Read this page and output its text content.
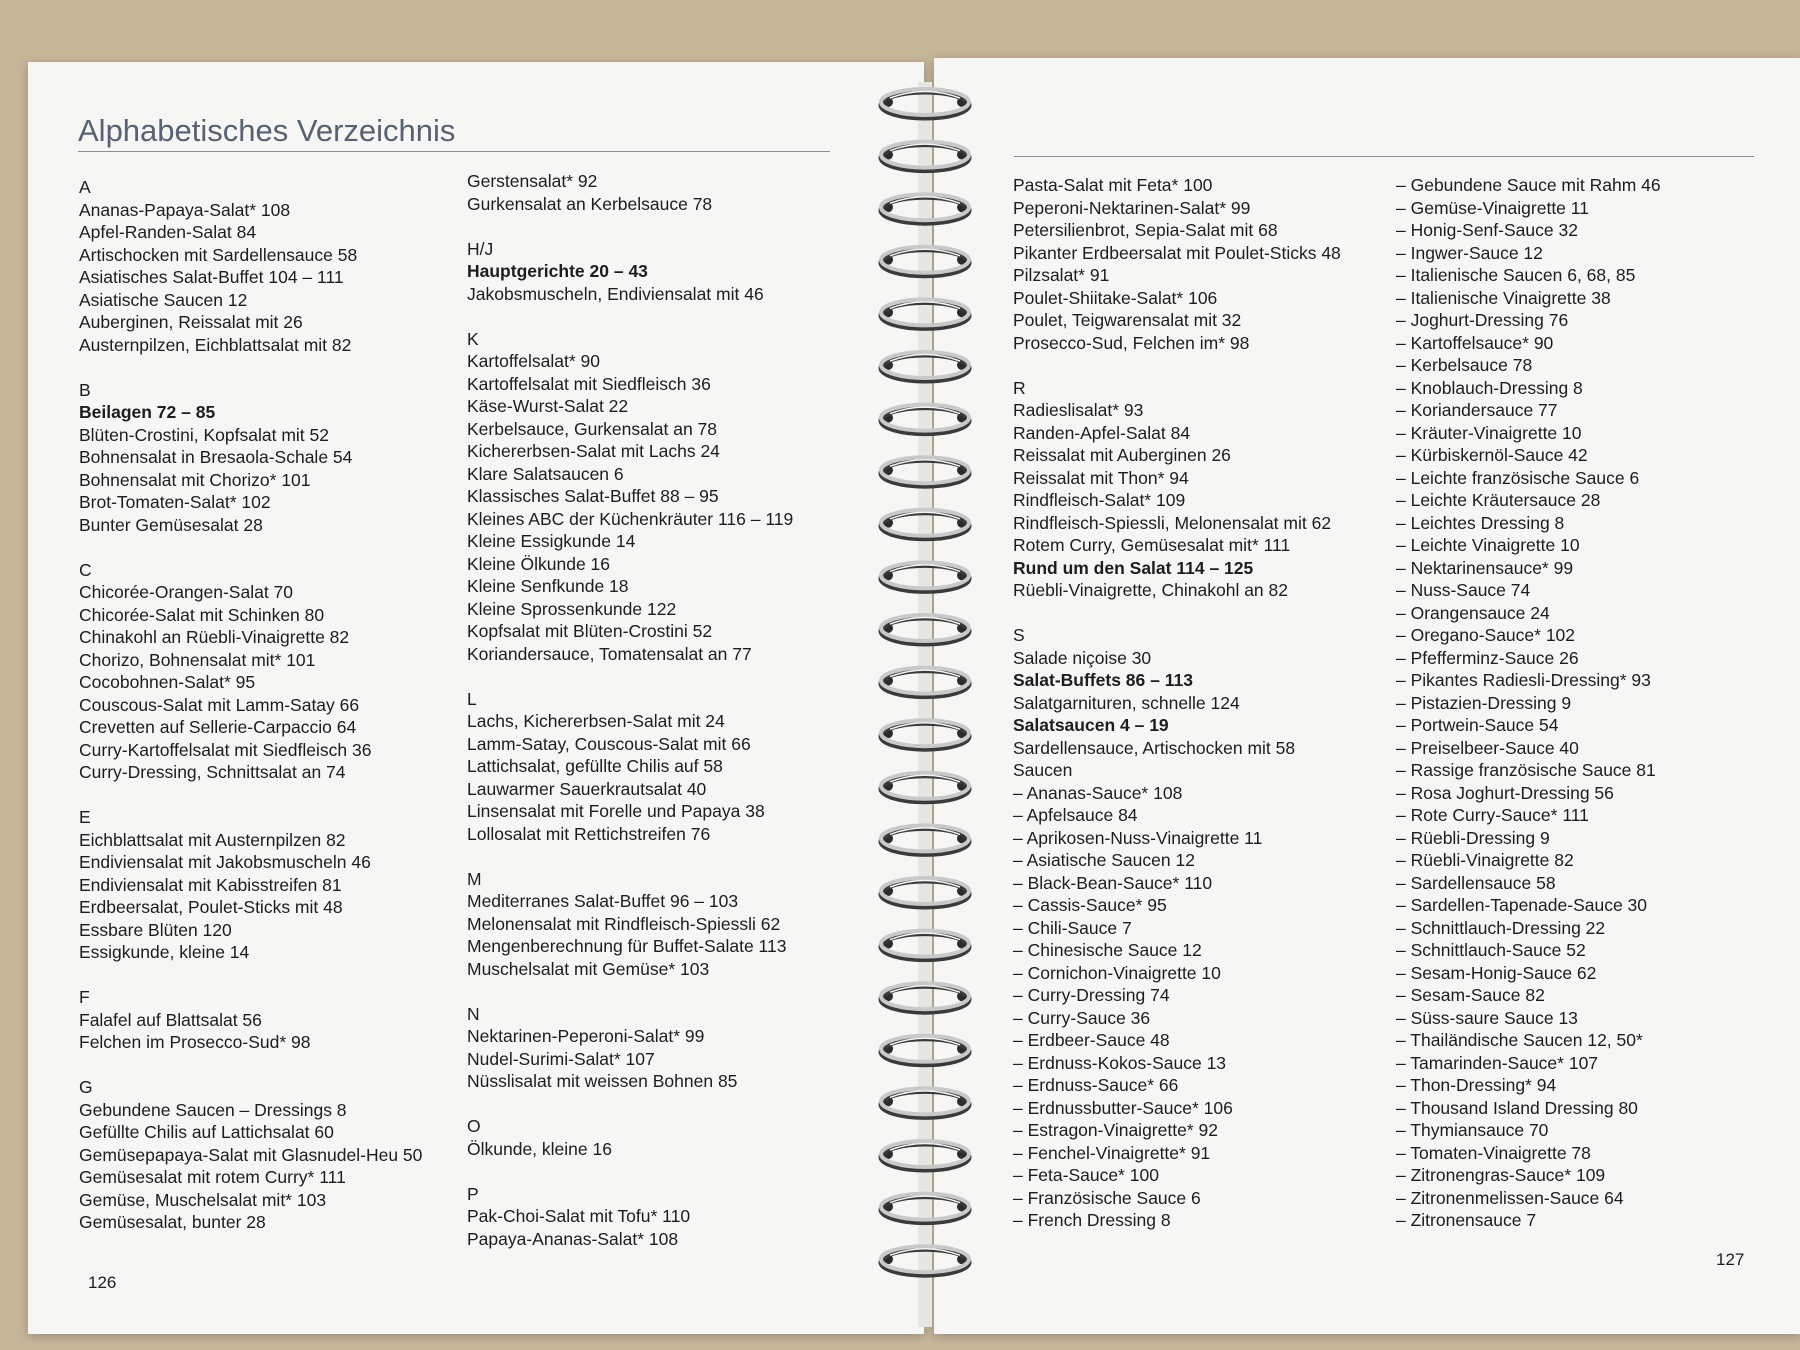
Alphabetisches Verzeichnis
A
Ananas-Papaya-Salat* 108
Apfel-Randen-Salat 84
Artischocken mit Sardellensauce 58
Asiatisches Salat-Buffet 104 – 111
Asiatische Saucen 12
Auberginen, Reissalat mit 26
Austernpilzen, Eichblattsalat mit 82
B
Beilagen 72 – 85
Blüten-Crostini, Kopfsalat mit 52
Bohnensalat in Bresaola-Schale 54
Bohnensalat mit Chorizo* 101
Brot-Tomaten-Salat* 102
Bunter Gemüsesalat 28
C
Chicorée-Orangen-Salat 70
Chicorée-Salat mit Schinken 80
Chinakohl an Rüebli-Vinaigrette 82
Chorizo, Bohnensalat mit* 101
Cocobohnen-Salat* 95
Couscous-Salat mit Lamm-Satay 66
Crevetten auf Sellerie-Carpaccio 64
Curry-Kartoffelsalat mit Siedfleisch 36
Curry-Dressing, Schnittsalat an 74
E
Eichblattsalat mit Austernpilzen 82
Endiviensalat mit Jakobsmuscheln 46
Endiviensalat mit Kabisstreifen 81
Erdbeersalat, Poulet-Sticks mit 48
Essbare Blüten 120
Essigkunde, kleine 14
F
Falafel auf Blattsalat 56
Felchen im Prosecco-Sud* 98
G
Gebundene Saucen – Dressings 8
Gefüllte Chilis auf Lattichsalat 60
Gemüsepapaya-Salat mit Glasnudel-Heu 50
Gemüsesalat mit rotem Curry* 111
Gemüse, Muschelsalat mit* 103
Gemüsesalat, bunter 28
Gerstensalat* 92
Gurkensalat an Kerbelsauce 78
H/J
Hauptgerichte 20 – 43
Jakobsmuscheln, Endiviensalat mit 46
K
Kartoffelsalat* 90
Kartoffelsalat mit Siedfleisch 36
Käse-Wurst-Salat 22
Kerbelsauce, Gurkensalat an 78
Kichererbsen-Salat mit Lachs 24
Klare Salatsaucen 6
Klassisches Salat-Buffet 88 – 95
Kleines ABC der Küchenkräuter 116 – 119
Kleine Essigkunde 14
Kleine Ölkunde 16
Kleine Senfkunde 18
Kleine Sprossenkunde 122
Kopfsalat mit Blüten-Crostini 52
Koriandersauce, Tomatensalat an 77
L
Lachs, Kichererbsen-Salat mit 24
Lamm-Satay, Couscous-Salat mit 66
Lattichsalat, gefüllte Chilis auf 58
Lauwarmer Sauerkrautsalat 40
Linsensalat mit Forelle und Papaya 38
Lollosalat mit Rettichstreifen 76
M
Mediterranes Salat-Buffet 96 – 103
Melonensalat mit Rindfleisch-Spiessli 62
Mengenberechnung für Buffet-Salate 113
Muschelsalat mit Gemüse* 103
N
Nektarinen-Peperoni-Salat* 99
Nudel-Surimi-Salat* 107
Nüsslisalat mit weissen Bohnen 85
O
Ölkunde, kleine 16
P
Pak-Choi-Salat mit Tofu* 110
Papaya-Ananas-Salat* 108
Pasta-Salat mit Feta* 100
Peperoni-Nektarinen-Salat* 99
Petersilienbrot, Sepia-Salat mit 68
Pikanter Erdbeersalat mit Poulet-Sticks 48
Pilzsalat* 91
Poulet-Shiitake-Salat* 106
Poulet, Teigwarensalat mit 32
Prosecco-Sud, Felchen im* 98
R
Radieslisalat* 93
Randen-Apfel-Salat 84
Reissalat mit Auberginen 26
Reissalat mit Thon* 94
Rindfleisch-Salat* 109
Rindfleisch-Spiessli, Melonensalat mit 62
Rotem Curry, Gemüsesalat mit* 111
Rund um den Salat 114 – 125
Rüebli-Vinaigrette, Chinakohl an 82
S
Salade niçoise 30
Salat-Buffets 86 – 113
Salatgarnituren, schnelle 124
Salatsaucen 4 – 19
Sardellensauce, Artischocken mit 58
Saucen
– Ananas-Sauce* 108
– Apfelsauce 84
– Aprikosen-Nuss-Vinaigrette 11
– Asiatische Saucen 12
– Black-Bean-Sauce* 110
– Cassis-Sauce* 95
– Chili-Sauce 7
– Chinesische Sauce 12
– Cornichon-Vinaigrette 10
– Curry-Dressing 74
– Curry-Sauce 36
– Erdbeer-Sauce 48
– Erdnuss-Kokos-Sauce 13
– Erdnuss-Sauce* 66
– Erdnussbutter-Sauce* 106
– Estragon-Vinaigrette* 92
– Fenchel-Vinaigrette* 91
– Feta-Sauce* 100
– Französische Sauce 6
– French Dressing 8
– Gebundene Sauce mit Rahm 46
– Gemüse-Vinaigrette 11
– Honig-Senf-Sauce 32
– Ingwer-Sauce 12
– Italienische Saucen 6, 68, 85
– Italienische Vinaigrette 38
– Joghurt-Dressing 76
– Kartoffelsauce* 90
– Kerbelsauce 78
– Knoblauch-Dressing 8
– Koriandersauce 77
– Kräuter-Vinaigrette 10
– Kürbiskernöl-Sauce 42
– Leichte französische Sauce 6
– Leichte Kräutersauce 28
– Leichtes Dressing 8
– Leichte Vinaigrette 10
– Nektarinensauce* 99
– Nuss-Sauce 74
– Orangensauce 24
– Oregano-Sauce* 102
– Pfefferminz-Sauce 26
– Pikantes Radiesli-Dressing* 93
– Pistazien-Dressing 9
– Portwein-Sauce 54
– Preiselbeer-Sauce 40
– Rassige französische Sauce 81
– Rosa Joghurt-Dressing 56
– Rote Curry-Sauce* 111
– Rüebli-Dressing 9
– Rüebli-Vinaigrette 82
– Sardellensauce 58
– Sardellen-Tapenade-Sauce 30
– Schnittlauch-Dressing 22
– Schnittlauch-Sauce 52
– Sesam-Honig-Sauce 62
– Sesam-Sauce 82
– Süss-saure Sauce 13
– Thailändische Saucen 12, 50*
– Tamarinden-Sauce* 107
– Thon-Dressing* 94
– Thousand Island Dressing 80
– Thymiansauce 70
– Tomaten-Vinaigrette 78
– Zitronengras-Sauce* 109
– Zitronenmelissen-Sauce 64
– Zitronensauce 7
126
127
